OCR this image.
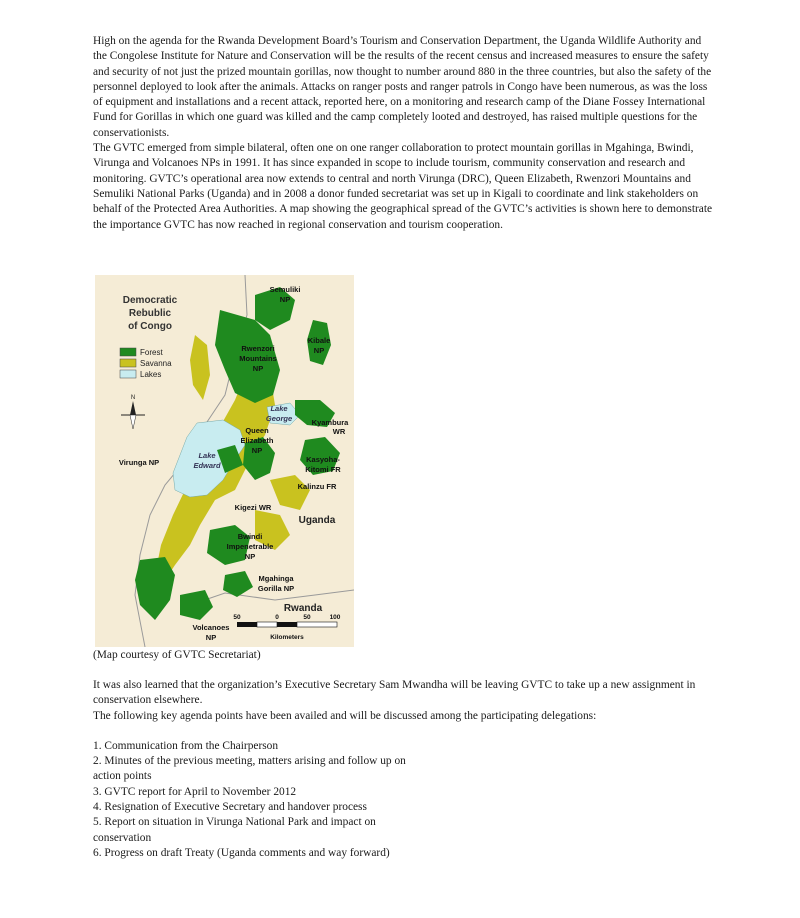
High on the agenda for the Rwanda Development Board’s Tourism and Conservation Department, the Uganda Wildlife Authority and the Congolese Institute for Nature and Conservation will be the results of the recent census and increased measures to ensure the safety and security of not just the prized mountain gorillas, now thought to number around 880 in the three countries, but also the safety of the personnel deployed to look after the animals. Attacks on ranger posts and ranger patrols in Congo have been numerous, as was the loss of equipment and installations and a recent attack, reported here, on a monitoring and research camp of the Diane Fossey International Fund for Gorillas in which one guard was killed and the camp completely looted and destroyed, has raised multiple questions for the conservationists.

The GVTC emerged from simple bilateral, often one on one ranger collaboration to protect mountain gorillas in Mgahinga, Bwindi, Virunga and Volcanoes NPs in 1991. It has since expanded in scope to include tourism, community conservation and research and monitoring. GVTC’s operational area now extends to central and north Virunga (DRC), Queen Elizabeth, Rwenzori Mountains and Semuliki National Parks (Uganda) and in 2008 a donor funded secretariat was set up in Kigali to coordinate and link stakeholders on behalf of the Protected Area Authorities. A map showing the geographical spread of the GVTC’s activities is shown here to demonstrate the importance GVTC has now reached in regional conservation and tourism cooperation.

Democratic
Rebublic
of Congo
Forest
Savanna
Lakes
N
Semuliki
NP
Kibale
NP
Rwenzori
Mountains
NP
WR
Kyambura
Queen
Elizabeth
NP
Virunga NP	Kasyoha-
Kitomi FR
Kalinzu FR
Kigezi WR
Bwindi
Impenetrable
NP
Mgahinga
Gorilla NP
Volcanoes
NP
Lake
George
Lake
Edward
Uganda
Rwanda
50	0	50	100
Kilometers
(Map courtesy of GVTC Secretariat)

It was also learned that the organization’s Executive Secretary Sam Mwandha will be leaving GVTC to take up a new assignment in conservation elsewhere.

The following key agenda points have been availed and will be discussed among the participating delegations:

1. Communication from the Chairperson
2. Minutes of the previous meeting, matters arising and follow up on action points
3. GVTC report for April to November 2012
4. Resignation of Executive Secretary and handover process
5. Report on situation in Virunga National Park and impact on conservation
6. Progress on draft Treaty (Uganda comments and way forward)
